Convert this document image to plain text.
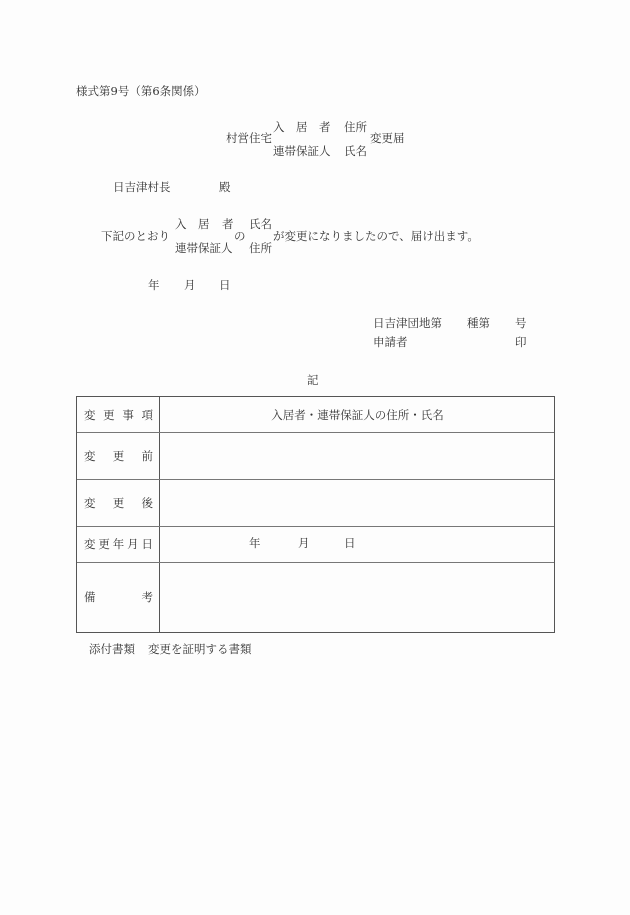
様式第9号（第6条関係）
村営住宅
入 居 者 住所
連帯保証人 氏名
変更届
日吉津村長	殿
下記のとおり
入 居 者
連帯保証人
の
氏名
住所
が変更になりましたので、届け出ます。
年 月 日
日吉津団地第 種第 号
申請者	印
記
変 更 事 項	入居者・連帯保証人の住所・氏名
変 更 前
変 更 後
変 更 年 月 日	年	月	日
備	考
添付書類 変更を証明する書類
